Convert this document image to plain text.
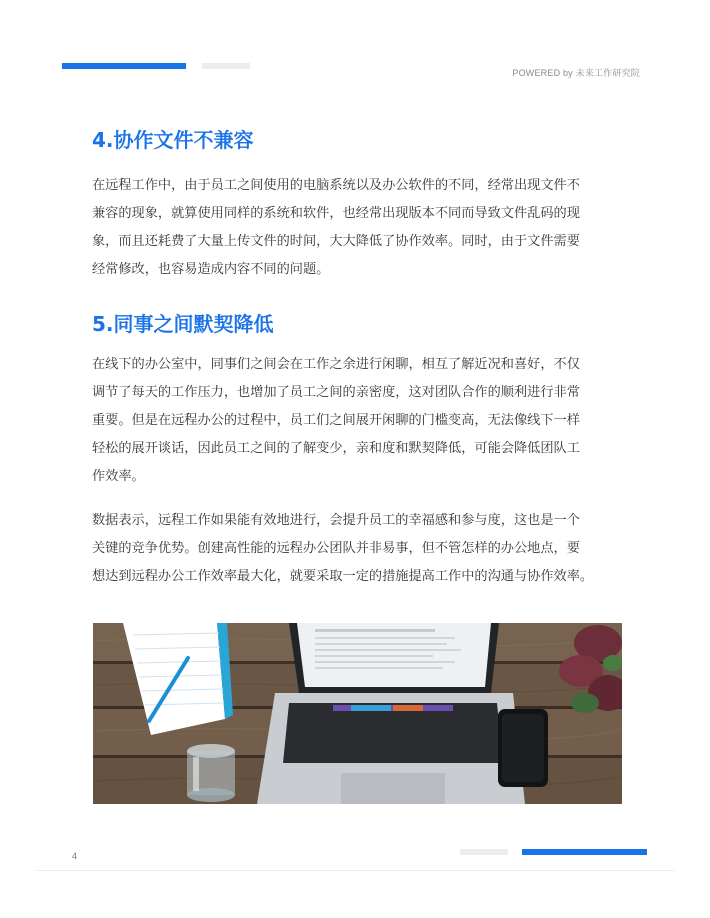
POWERED by 未来工作研究院
4.协作文件不兼容

在远程工作中，由于员工之间使用的电脑系统以及办公软件的不同，经常出现文件不
兼容的现象，就算使用同样的系统和软件，也经常出现版本不同而导致文件乱码的现
象，而且还耗费了大量上传文件的时间，大大降低了协作效率。同时，由于文件需要
经常修改，也容易造成内容不同的问题。

5.同事之间默契降低

在线下的办公室中，同事们之间会在工作之余进行闲聊，相互了解近况和喜好，不仅
调节了每天的工作压力，也增加了员工之间的亲密度，这对团队合作的顺利进行非常
重要。但是在远程办公的过程中，员工们之间展开闲聊的门槛变高，无法像线下一样
轻松的展开谈话，因此员工之间的了解变少，亲和度和默契降低，可能会降低团队工
作效率。

数据表示，远程工作如果能有效地进行，会提升员工的幸福感和参与度，这也是一个
关键的竞争优势。创建高性能的远程办公团队并非易事，但不管怎样的办公地点，要
想达到远程办公工作效率最大化，就要采取一定的措施提高工作中的沟通与协作效率。

4
